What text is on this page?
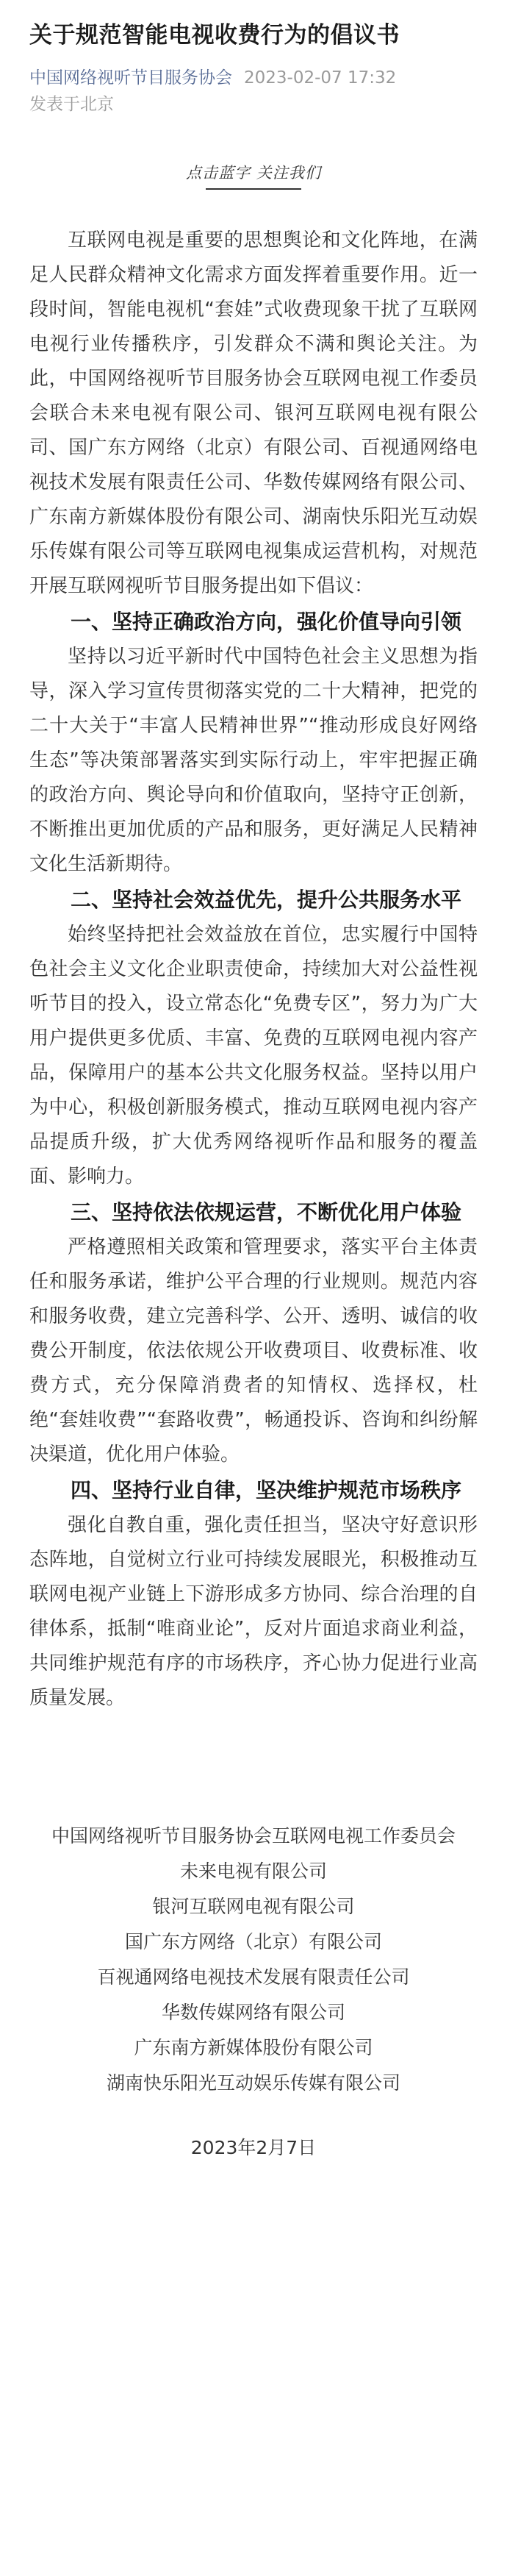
关于规范智能电视收费行为的倡议书
中国网络视听节目服务协会 2023-02-07 17:32
发表于北京
点击蓝字 关注我们

互联网电视是重要的思想舆论和文化阵地，在满足人民群众精神文化需求方面发挥着重要作用。近一段时间，智能电视机“套娃”式收费现象干扰了互联网电视行业传播秩序，引发群众不满和舆论关注。为此，中国网络视听节目服务协会互联网电视工作委员会联合未来电视有限公司、银河互联网电视有限公司、国广东方网络（北京）有限公司、百视通网络电视技术发展有限责任公司、华数传媒网络有限公司、广东南方新媒体股份有限公司、湖南快乐阳光互动娱乐传媒有限公司等互联网电视集成运营机构，对规范开展互联网视听节目服务提出如下倡议：

一、坚持正确政治方向，强化价值导向引领

坚持以习近平新时代中国特色社会主义思想为指导，深入学习宣传贯彻落实党的二十大精神，把党的二十大关于“丰富人民精神世界”“推动形成良好网络生态”等决策部署落实到实际行动上，牢牢把握正确的政治方向、舆论导向和价值取向，坚持守正创新，不断推出更加优质的产品和服务，更好满足人民精神文化生活新期待。

二、坚持社会效益优先，提升公共服务水平

始终坚持把社会效益放在首位，忠实履行中国特色社会主义文化企业职责使命，持续加大对公益性视听节目的投入，设立常态化“免费专区”，努力为广大用户提供更多优质、丰富、免费的互联网电视内容产品，保障用户的基本公共文化服务权益。坚持以用户为中心，积极创新服务模式，推动互联网电视内容产品提质升级，扩大优秀网络视听作品和服务的覆盖面、影响力。

三、坚持依法依规运营，不断优化用户体验

严格遵照相关政策和管理要求，落实平台主体责任和服务承诺，维护公平合理的行业规则。规范内容和服务收费，建立完善科学、公开、透明、诚信的收费公开制度，依法依规公开收费项目、收费标准、收费方式，充分保障消费者的知情权、选择权，杜绝“套娃收费”“套路收费”，畅通投诉、咨询和纠纷解决渠道，优化用户体验。

四、坚持行业自律，坚决维护规范市场秩序

强化自教自重，强化责任担当，坚决守好意识形态阵地，自觉树立行业可持续发展眼光，积极推动互联网电视产业链上下游形成多方协同、综合治理的自律体系，抵制“唯商业论”，反对片面追求商业利益，共同维护规范有序的市场秩序，齐心协力促进行业高质量发展。

中国网络视听节目服务协会互联网电视工作委员会
未来电视有限公司
银河互联网电视有限公司
国广东方网络（北京）有限公司
百视通网络电视技术发展有限责任公司
华数传媒网络有限公司
广东南方新媒体股份有限公司
湖南快乐阳光互动娱乐传媒有限公司
2023年2月7日
